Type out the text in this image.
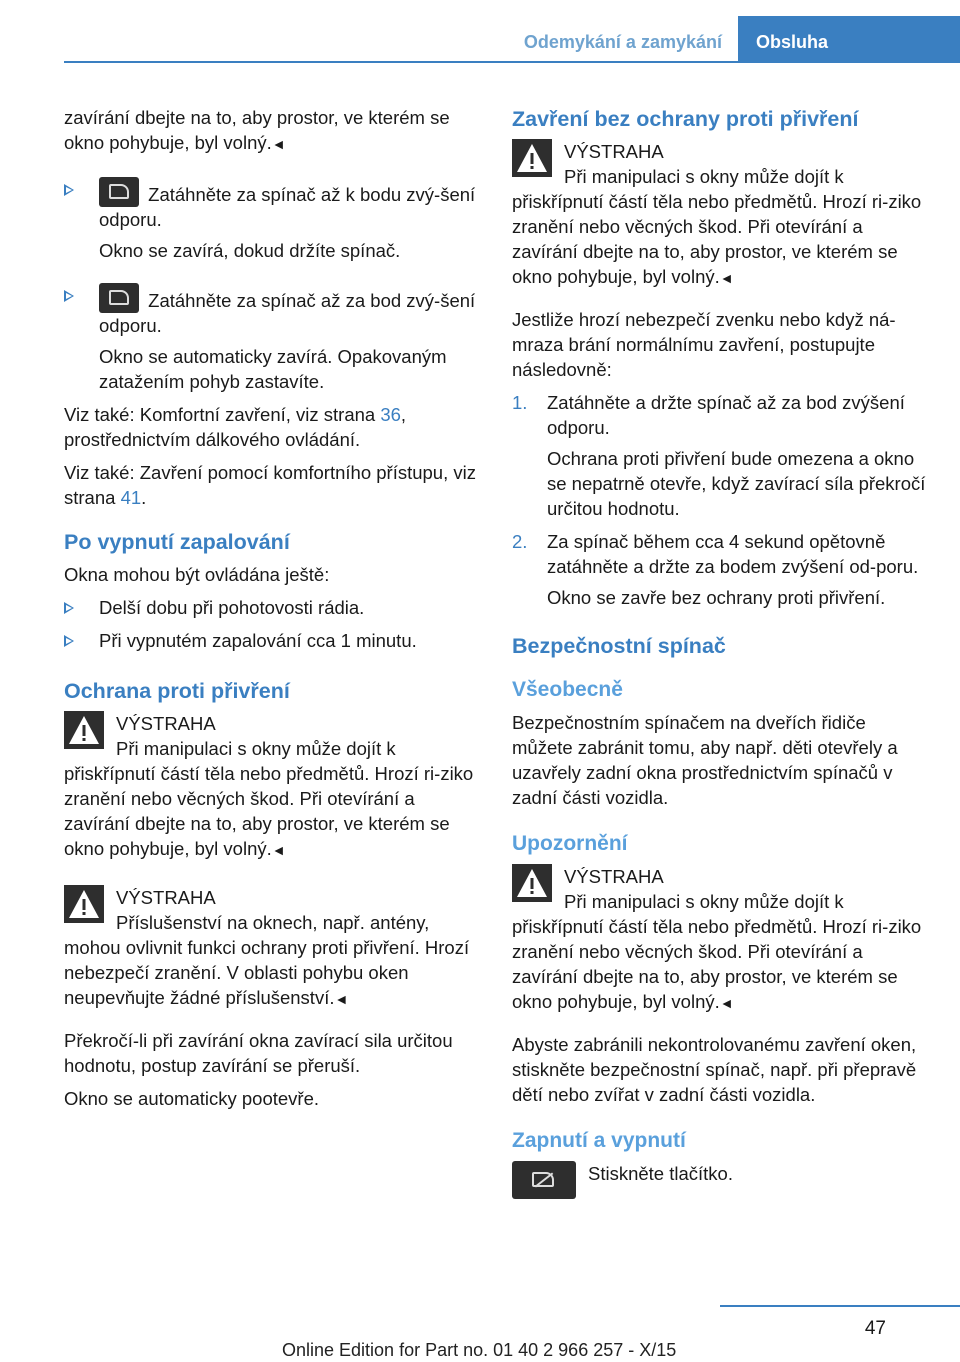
Odemykání a zamykání Obsluha

zavírání dbejte na to, aby prostor, ve kterém se okno pohybuje, byl volný.◄

Zatáhněte za spínač až k bodu zvý-šení odporu.
Okno se zavírá, dokud držíte spínač.
Zatáhněte za spínač až za bod zvý-šení odporu.
Okno se automaticky zavírá. Opakovaným zatažením pohyb zastavíte.

Viz také: Komfortní zavření, viz strana 36, prostřednictvím dálkového ovládání.

Viz také: Zavření pomocí komfortního přístupu, viz strana 41.

Po vypnutí zapalování

Okna mohou být ovládána ještě:

Delší dobu při pohotovosti rádia.
Při vypnutém zapalování cca 1 minutu.
Ochrana proti přivření
VÝSTRAHA
Při manipulaci s okny může dojít k přiskřípnutí částí těla nebo předmětů. Hrozí ri-ziko zranění nebo věcných škod. Při otevírání a zavírání dbejte na to, aby prostor, ve kterém se okno pohybuje, byl volný.◄
VÝSTRAHA
Příslušenství na oknech, např. antény, mohou ovlivnit funkci ochrany proti přivření. Hrozí nebezpečí zranění. V oblasti pohybu oken neupevňujte žádné příslušenství.◄

Překročí-li při zavírání okna zavírací sila určitou hodnotu, postup zavírání se přeruší.

Okno se automaticky pootevře.

Zavření bez ochrany proti přivření
VÝSTRAHA
Při manipulaci s okny může dojít k přiskřípnutí částí těla nebo předmětů. Hrozí ri-ziko zranění nebo věcných škod. Při otevírání a zavírání dbejte na to, aby prostor, ve kterém se okno pohybuje, byl volný.◄

Jestliže hrozí nebezpečí zvenku nebo když ná-mraza brání normálnímu zavření, postupujte následovně:

1. Zatáhněte a držte spínač až za bod zvýšení odporu.
Ochrana proti přivření bude omezena a okno se nepatrně otevře, když zavírací síla překročí určitou hodnotu.
2. Za spínač během cca 4 sekund opětovně zatáhněte a držte za bodem zvýšení od-poru.
Okno se zavře bez ochrany proti přivření.
Bezpečnostní spínač
Všeobecně

Bezpečnostním spínačem na dveřích řidiče můžete zabránit tomu, aby např. děti otevřely a uzavřely zadní okna prostřednictvím spínačů v zadní části vozidla.

Upozornění
VÝSTRAHA
Při manipulaci s okny může dojít k přiskřípnutí částí těla nebo předmětů. Hrozí ri-ziko zranění nebo věcných škod. Při otevírání a zavírání dbejte na to, aby prostor, ve kterém se okno pohybuje, byl volný.◄

Abyste zabránili nekontrolovanému zavření oken, stiskněte bezpečnostní spínač, např. při přepravě dětí nebo zvířat v zadní části vozidla.

Zapnutí a vypnutí
Stiskněte tlačítko.
47
Online Edition for Part no. 01 40 2 966 257 - X/15
